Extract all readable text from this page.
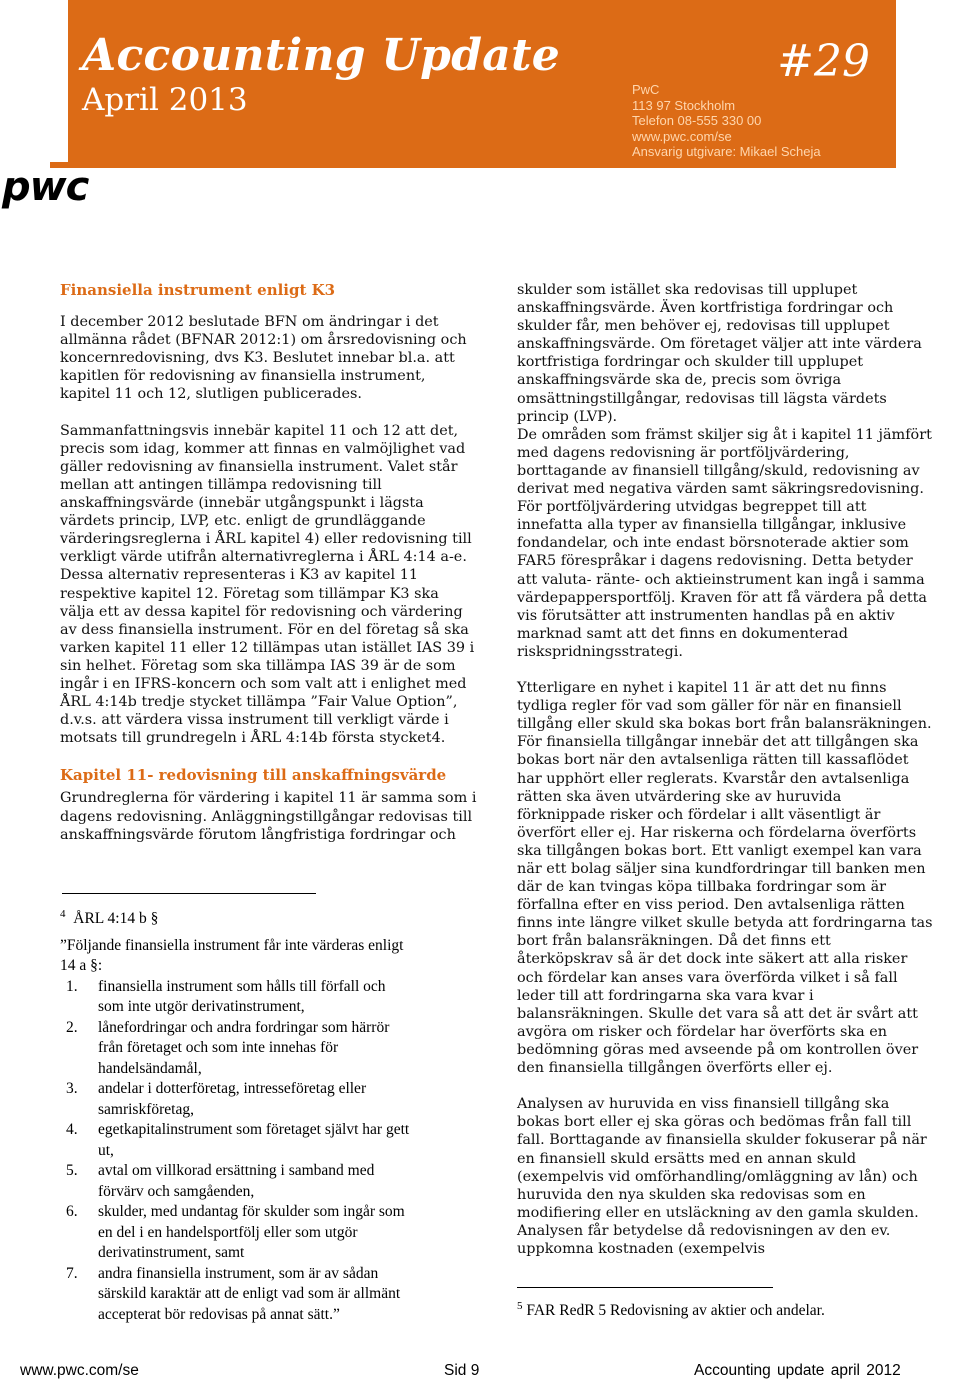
Accounting Update
April 2013
#29
PwC
113 97 Stockholm
Telefon 08-555 330 00
www.pwc.com/se
Ansvarig utgivare: Mikael Scheja
pwc
Finansiella instrument enligt K3
I december 2012 beslutade BFN om ändringar i det
allmänna rådet (BFNAR 2012:1) om årsredovisning och
koncernredovisning, dvs K3. Beslutet innebar bl.a. att
kapitlen för redovisning av finansiella instrument,
kapitel 11 och 12, slutligen publicerades.
Sammanfattningsvis innebär kapitel 11 och 12 att det,
precis som idag, kommer att finnas en valmöjlighet vad
gäller redovisning av finansiella instrument. Valet står
mellan att antingen tillämpa redovisning till
anskaffningsvärde (innebär utgångspunkt i lägsta
värdets princip, LVP, etc. enligt de grundläggande
värderingsreglerna i ÅRL kapitel 4) eller redovisning till
verkligt värde utifrån alternativreglerna i ÅRL 4:14 a-e.
Dessa alternativ representeras i K3 av kapitel 11
respektive kapitel 12. Företag som tillämpar K3 ska
välja ett av dessa kapitel för redovisning och värdering
av dess finansiella instrument. För en del företag så ska
varken kapitel 11 eller 12 tillämpas utan istället IAS 39 i
sin helhet. Företag som ska tillämpa IAS 39 är de som
ingår i en IFRS-koncern och som valt att i enlighet med
ÅRL 4:14b tredje stycket tillämpa ”Fair Value Option”,
d.v.s. att värdera vissa instrument till verkligt värde i
motsats till grundregeln i ÅRL 4:14b första stycket4.
Kapitel 11- redovisning till anskaffningsvärde
Grundreglerna för värdering i kapitel 11 är samma som i
dagens redovisning. Anläggningstillgångar redovisas till
anskaffningsvärde förutom långfristiga fordringar och
$^4$ ÅRL 4:14 b §
”Följande finansiella instrument får inte värderas enligt
14 a §:
1. finansiella instrument som hålls till förfall och
som inte utgör derivatinstrument,
2. lånefordringar och andra fordringar som härrör
från företaget och som inte innehas för
handelsändamål,
3. andelar i dotterföretag, intresseföretag eller
samriskföretag,
4. egetkapitalinstrument som företaget självt har gett
ut,
5. avtal om villkorad ersättning i samband med
förvärv och samgåenden,
6. skulder, med undantag för skulder som ingår som
en del i en handelsportfölj eller som utgör
derivatinstrument, samt
7. andra finansiella instrument, som är av sådan
särskild karaktär att de enligt vad som är allmänt
accepterat bör redovisas på annat sätt.”
skulder som istället ska redovisas till upplupet
anskaffningsvärde. Även kortfristiga fordringar och
skulder får, men behöver ej, redovisas till upplupet
anskaffningsvärde. Om företaget väljer att inte värdera
kortfristiga fordringar och skulder till upplupet
anskaffningsvärde ska de, precis som övriga
omsättningstillgångar, redovisas till lägsta värdets
princip (LVP).
De områden som främst skiljer sig åt i kapitel 11 jämfört
med dagens redovisning är portföljvärdering,
borttagande av finansiell tillgång/skuld, redovisning av
derivat med negativa värden samt säkringsredovisning.
För portföljvärdering utvidgas begreppet till att
innefatta alla typer av finansiella tillgångar, inklusive
fondandelar, och inte endast börsnoterade aktier som
FAR5 förespråkar i dagens redovisning. Detta betyder
att valuta- ränte- och aktieinstrument kan ingå i samma
värdepappersportfölj. Kraven för att få värdera på detta
vis förutsätter att instrumenten handlas på en aktiv
marknad samt att det finns en dokumenterad
riskspridningsstrategi.
Ytterligare en nyhet i kapitel 11 är att det nu finns
tydliga regler för vad som gäller för när en finansiell
tillgång eller skuld ska bokas bort från balansräkningen.
För finansiella tillgångar innebär det att tillgången ska
bokas bort när den avtalsenliga rätten till kassaflödet
har upphört eller reglerats. Kvarstår den avtalsenliga
rätten ska även utvärdering ske av huruvida
förknippade risker och fördelar i allt väsentligt är
överfört eller ej. Har riskerna och fördelarna överförts
ska tillgången bokas bort. Ett vanligt exempel kan vara
när ett bolag säljer sina kundfordringar till banken men
där de kan tvingas köpa tillbaka fordringar som är
förfallna efter en viss period. Den avtalsenliga rätten
finns inte längre vilket skulle betyda att fordringarna tas
bort från balansräkningen. Då det finns ett
återköpskrav så är det dock inte säkert att alla risker
och fördelar kan anses vara överförda vilket i så fall
leder till att fordringarna ska vara kvar i
balansräkningen. Skulle det vara så att det är svårt att
avgöra om risker och fördelar har överförts ska en
bedömning göras med avseende på om kontrollen över
den finansiella tillgången överförts eller ej.
Analysen av huruvida en viss finansiell tillgång ska
bokas bort eller ej ska göras och bedömas från fall till
fall. Borttagande av finansiella skulder fokuserar på när
en finansiell skuld ersätts med en annan skuld
(exempelvis vid omförhandling/omläggning av lån) och
huruvida den nya skulden ska redovisas som en
modifiering eller en utsläckning av den gamla skulden.
Analysen får betydelse då redovisningen av den ev.
uppkomna kostnaden (exempelvis
$^5$ FAR RedR 5 Redovisning av aktier och andelar.
www.pwc.com/se	Sid 9	Accounting update april 2012
